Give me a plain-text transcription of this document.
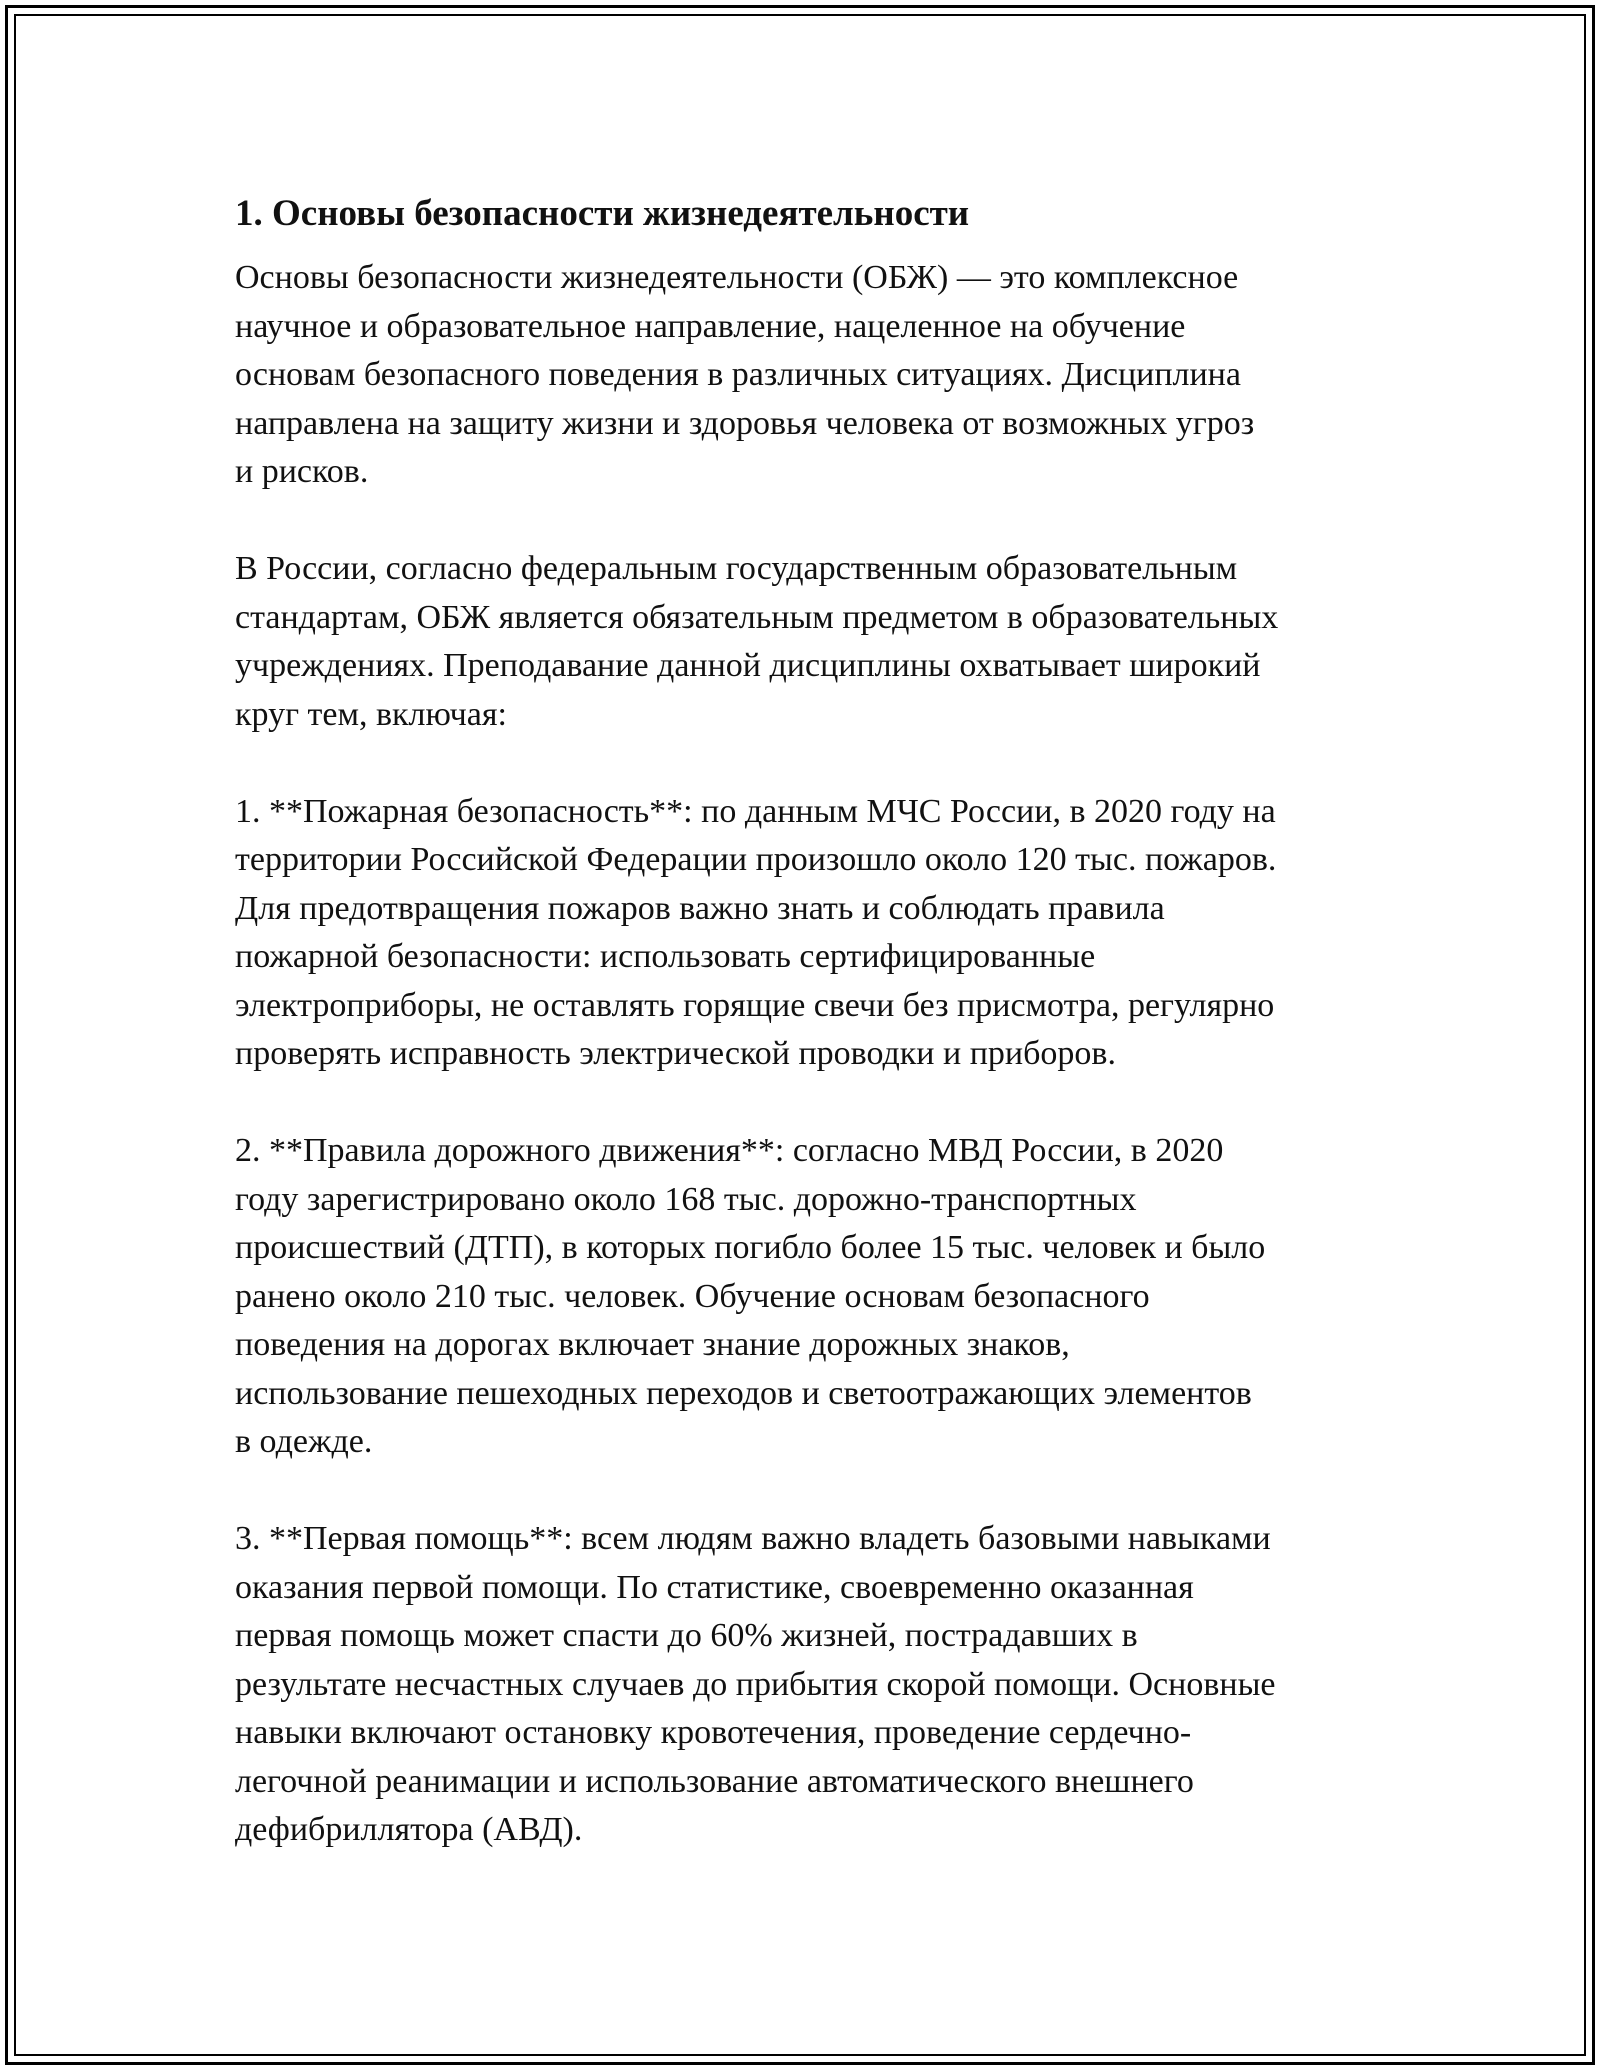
1. Основы безопасности жизнедеятельности

Основы безопасности жизнедеятельности (ОБЖ) — это комплексное
научное и образовательное направление, нацеленное на обучение
основам безопасного поведения в различных ситуациях. Дисциплина
направлена на защиту жизни и здоровья человека от возможных угроз
и рисков.

В России, согласно федеральным государственным образовательным
стандартам, ОБЖ является обязательным предметом в образовательных
учреждениях. Преподавание данной дисциплины охватывает широкий
круг тем, включая:

1. **Пожарная безопасность**: по данным МЧС России, в 2020 году на
территории Российской Федерации произошло около 120 тыс. пожаров.
Для предотвращения пожаров важно знать и соблюдать правила
пожарной безопасности: использовать сертифицированные
электроприборы, не оставлять горящие свечи без присмотра, регулярно
проверять исправность электрической проводки и приборов.

2. **Правила дорожного движения**: согласно МВД России, в 2020
году зарегистрировано около 168 тыс. дорожно-транспортных
происшествий (ДТП), в которых погибло более 15 тыс. человек и было
ранено около 210 тыс. человек. Обучение основам безопасного
поведения на дорогах включает знание дорожных знаков,
использование пешеходных переходов и светоотражающих элементов
в одежде.

3. **Первая помощь**: всем людям важно владеть базовыми навыками
оказания первой помощи. По статистике, своевременно оказанная
первая помощь может спасти до 60% жизней, пострадавших в
результате несчастных случаев до прибытия скорой помощи. Основные
навыки включают остановку кровотечения, проведение сердечно-
легочной реанимации и использование автоматического внешнего
дефибриллятора (АВД).
